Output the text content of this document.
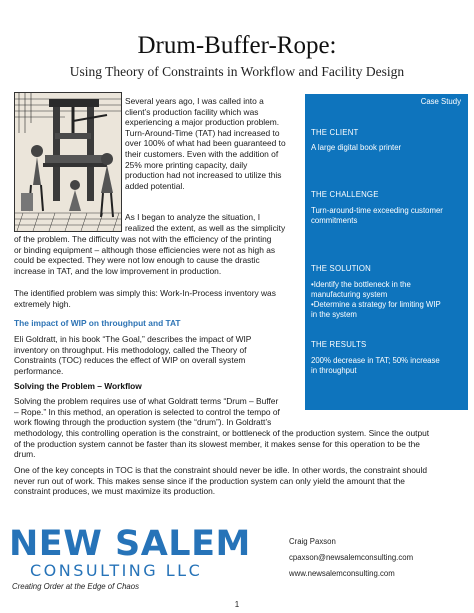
Drum-Buffer-Rope:
Using Theory of Constraints in Workflow and Facility Design
Several years ago, I was called into a
client’s production facility which was
experiencing a major production problem.
Turn-Around-Time (TAT) had increased to
over 100% of what had been guaranteed to
their customers. Even with the addition of
25% more printing capacity, daily
production had not increased to utilize this
added potential.
As I began to analyze the situation, I
realized the extent, as well as the simplicity
of the problem. The difficulty was not with the efficiency of the printing
or binding equipment – although those efficiencies were not as high as
could be expected. They were not low enough to cause the drastic
increase in TAT, and the low improvement in production.
The identified problem was simply this: Work-In-Process inventory was
extremely high.
The impact of WIP on throughput and TAT
Eli Goldratt, in his book “The Goal,” describes the impact of WIP
inventory on throughput. His methodology, called the Theory of
Constraints (TOC) reduces the effect of WIP on overall system
performance.
Solving the Problem – Workflow
Solving the problem requires use of what Goldratt terms “Drum – Buffer
– Rope.” In this method, an operation is selected to control the tempo of
work flowing through the production system (the “drum”). In Goldratt’s
methodology, this controlling operation is the constraint, or bottleneck of the production system. Since the output
of the production system cannot be faster than its slowest member, it makes sense for this operation to be the
drum.
One of the key concepts in TOC is that the constraint should never be idle. In other words, the constraint should
never run out of work. This makes sense since if the production system can only yield the amount that the
constraint produces, we must maximize its production.
Case Study
THE CLIENT
A large digital book printer
THE CHALLENGE
Turn-around-time exceeding customer
commitments
THE SOLUTION
•Identify the bottleneck in the
manufacturing system
•Determine a strategy for limiting WIP
in the system
THE RESULTS
200% decrease in TAT; 50% increase
in throughput
NEW SALEM
CONSULTING LLC
Creating Order at the Edge of Chaos
Craig Paxson
cpaxson@newsalemconsulting.com
www.newsalemconsulting.com
1
